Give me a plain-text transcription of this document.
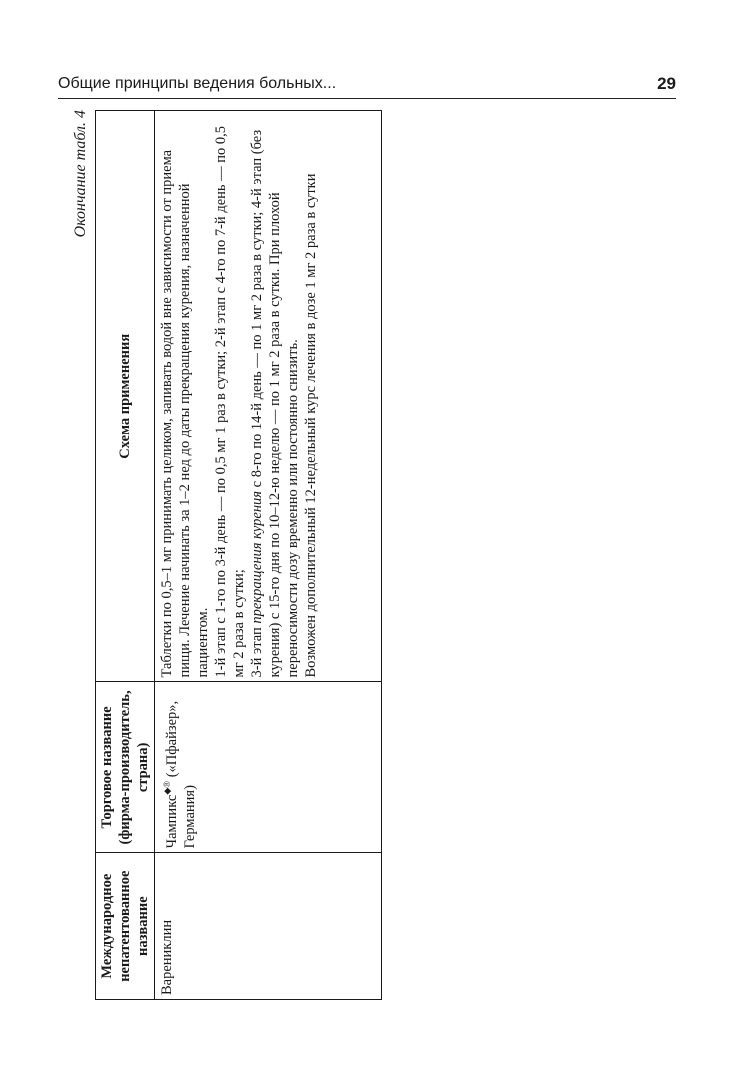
Общие принципы ведения больных...	29
Окончание табл. 4
Международное непатентованное название	Торговое название (фирма-производитель, страна)	Схема применения

Варениклин	Чампикс◆® («Пфайзер», Германия)	Таблетки по 0,5–1 мг принимать целиком, запивать водой вне зависимости от приема пищи. Лечение начинать за 1–2 нед до даты прекращения курения, назначенной пациентом. 1-й этап с 1-го по 3-й день — по 0,5 мг 1 раз в сутки; 2-й этап с 4-го по 7-й день — по 0,5 мг 2 раза в сутки; 3-й этап прекращения курения с 8-го по 14-й день — по 1 мг 2 раза в сутки; 4-й этап (без курения) с 15-го дня по 10–12-ю неделю — по 1 мг 2 раза в сутки. При плохой переносимости дозу временно или постоянно снизить. Возможен дополнительный 12-недельный курс лечения в дозе 1 мг 2 раза в сутки
